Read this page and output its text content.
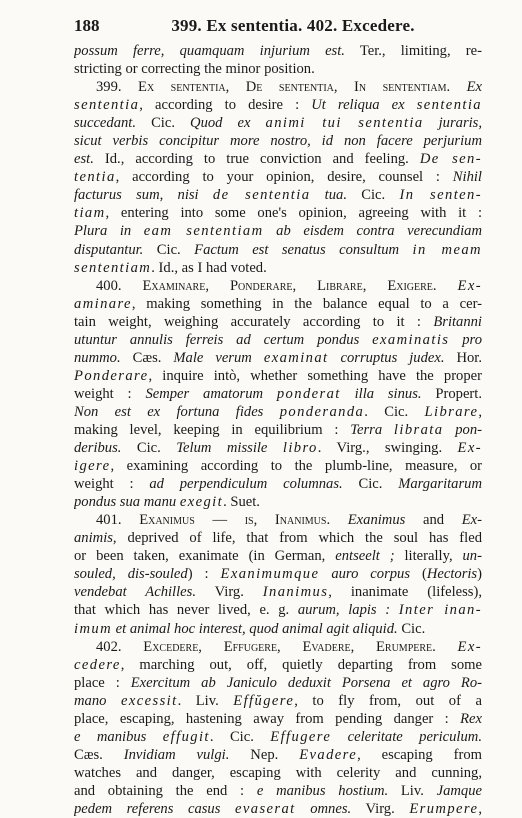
188	399. Ex sententia. 402. Excedere.
possum ferre, quamquam injurium est. Ter., limiting, re-
stricting or correcting the minor position.
399. Ex sententia, De sententia, In sententiam. Ex
sententia, according to desire : Ut reliqua ex sententia
succedant. Cic. Quod ex animi tui sententia juraris,
sicut verbis concipitur more nostro, id non facere perjurium
est. Id., according to true conviction and feeling. De sen-
tentia, according to your opinion, desire, counsel : Nihil
facturus sum, nisi de sententia tua. Cic. In senten-
tiam, entering into some one's opinion, agreeing with it :
Plura in eam sententiam ab eisdem contra verecundiam
disputantur. Cic. Factum est senatus consultum in meam
sententiam. Id., as I had voted.
400. Examinare, Ponderare, Librare, Exigere. Ex-
aminare, making something in the balance equal to a cer-
tain weight, weighing accurately according to it : Britanni
utuntur annulis ferreis ad certum pondus examinatis pro
nummo. Cæs. Male verum examinat corruptus judex. Hor.
Ponderare, inquire intò, whether something have the proper
weight : Semper amatorum ponderat illa sinus. Propert.
Non est ex fortuna fides ponderanda. Cic. Librare,
making level, keeping in equilibrium : Terra librata pon-
deribus. Cic. Telum missile libro. Virg., swinging. Ex-
igere, examining according to the plumb-line, measure, or
weight : ad perpendiculum columnas. Cic. Margaritarum
pondus sua manu exegit. Suet.
401. Exanimus — is, Inanimus. Exanimus and Ex-
animis, deprived of life, that from which the soul has fled
or been taken, exanimate (in German, entseelt ; literally, un-
souled, dis-souled) : Exanimumque auro corpus (Hectoris)
vendebat Achilles. Virg. Inanimus, inanimate (lifeless),
that which has never lived, e. g. aurum, lapis : Inter inan-
imum et animal hoc interest, quod animal agit aliquid. Cic.
402. Excedere, Effugere, Evadere, Erumpere. Ex-
cedere, marching out, off, quietly departing from some
place : Exercitum ab Janiculo deduxit Porsena et agro Ro-
mano excessit. Liv. Effŭgere, to fly from, out of a
place, escaping, hastening away from pending danger : Rex
e manibus effugit. Cic. Effugere celeritate periculum.
Cæs. Invidiam vulgi. Nep. Evadere, escaping from
watches and danger, escaping with celerity and cunning,
and obtaining the end : e manibus hostium. Liv. Jamque
pedem referens casus evaserat omnes. Virg. Erumpere,
